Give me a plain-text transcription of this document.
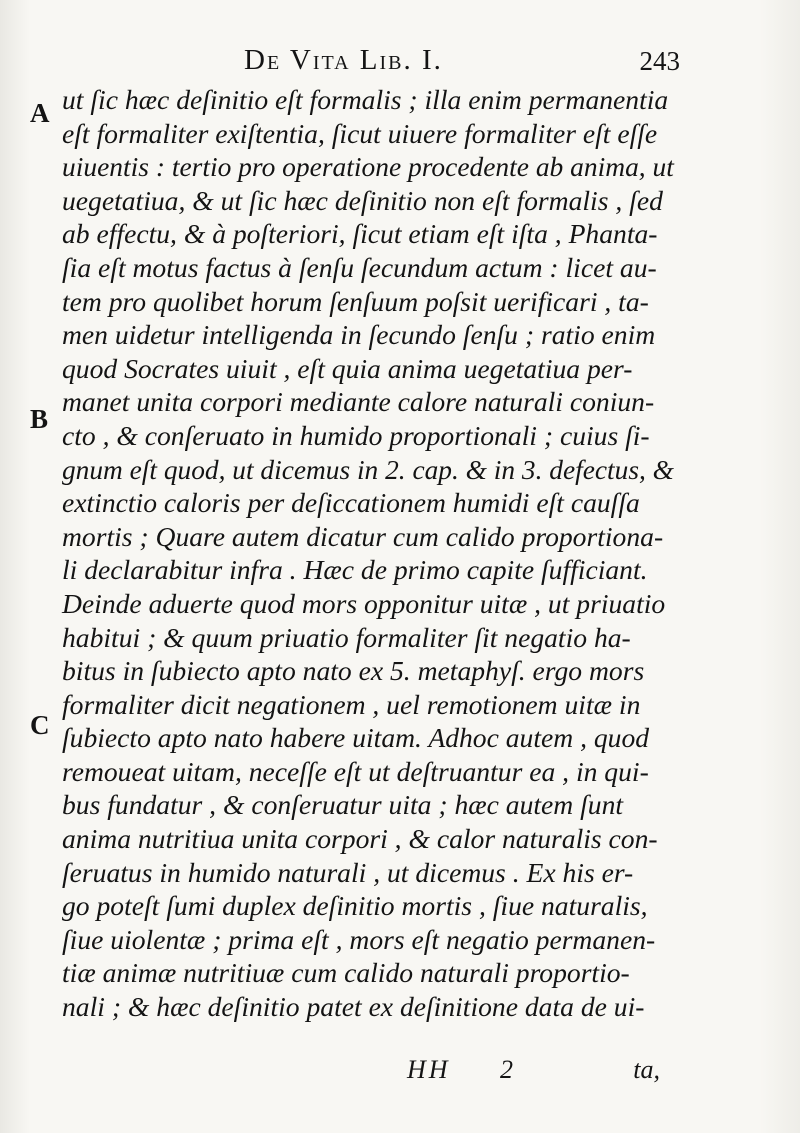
De Vita Lib. I.	243
A
B
C
ut ſic hæc deſinitio eſt formalis ; illa enim permanentia
eſt formaliter exiſtentia, ſicut uiuere formaliter eſt eſſe
uiuentis : tertio pro operatione procedente ab anima, ut
uegetatiua, & ut ſic hæc deſinitio non eſt formalis , ſed
ab effectu, & à poſteriori, ſicut etiam eſt iſta , Phanta-
ſia eſt motus factus à ſenſu ſecundum actum : licet au-
tem pro quolibet horum ſenſuum poſsit uerificari , ta-
men uidetur intelligenda in ſecundo ſenſu ; ratio enim
quod Socrates uiuit , eſt quia anima uegetatiua per-
manet unita corpori mediante calore naturali coniun-
cto , & conſeruato in humido proportionali ; cuius ſi-
gnum eſt quod, ut dicemus in 2. cap. & in 3. defectus, &
extinctio caloris per deſiccationem humidi eſt cauſſa
mortis ; Quare autem dicatur cum calido proportiona-
li declarabitur infra . Hæc de primo capite ſufficiant.
Deinde aduerte quod mors opponitur uitæ , ut priuatio
habitui ; & quum priuatio formaliter ſit negatio ha-
bitus in ſubiecto apto nato ex 5. metaphyſ. ergo mors
formaliter dicit negationem , uel remotionem uitæ in
ſubiecto apto nato habere uitam. Adhoc autem , quod
remoueat uitam, neceſſe eſt ut deſtruantur ea , in qui-
bus fundatur , & conſeruatur uita ; hæc autem ſunt
anima nutritiua unita corpori , & calor naturalis con-
ſeruatus in humido naturali , ut dicemus . Ex his er-
go poteſt ſumi duplex deſinitio mortis , ſiue naturalis,
ſiue uiolentæ ; prima eſt , mors eſt negatio permanen-
tiæ animæ nutritiuæ cum calido naturali proportio-
nali ; & hæc deſinitio patet ex deſinitione data de ui-
HH 2	ta,
